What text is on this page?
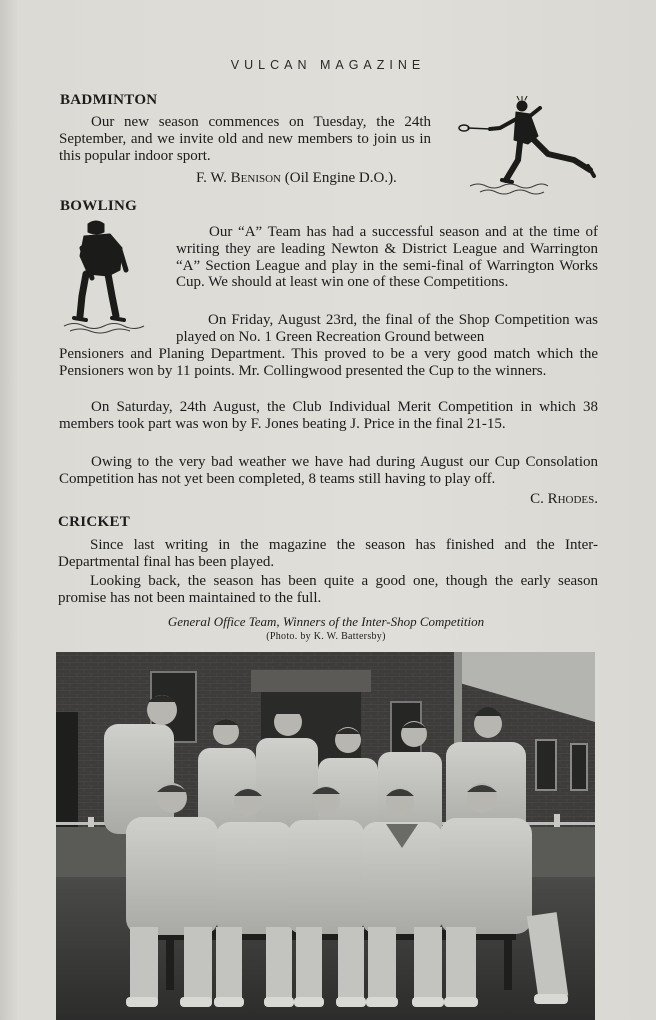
VULCAN MAGAZINE
BADMINTON
Our new season commences on Tuesday, the 24th September, and we invite old and new members to join us in this popular indoor sport.
F. W. Benison (Oil Engine D.O.).
BOWLING
Our “A” Team has had a successful season and at the time of writing they are leading Newton & District League and Warrington “A” Section League and play in the semi-final of Warrington Works Cup. We should at least win one of these Competitions.
On Friday, August 23rd, the final of the Shop Competition was played on No. 1 Green Recreation Ground between
Pensioners and Planing Department. This proved to be a very good match which the Pensioners won by 11 points. Mr. Collingwood presented the Cup to the winners.
On Saturday, 24th August, the Club Individual Merit Competition in which 38 members took part was won by F. Jones beating J. Price in the final 21-15.
Owing to the very bad weather we have had during August our Cup Consolation Competition has not yet been completed, 8 teams still having to play off.
C. Rhodes.
CRICKET
Since last writing in the magazine the season has finished and the Inter-Departmental final has been played.
Looking back, the season has been quite a good one, though the early season promise has not been maintained to the full.
General Office Team, Winners of the Inter-Shop Competition
(Photo. by K. W. Battersby)
